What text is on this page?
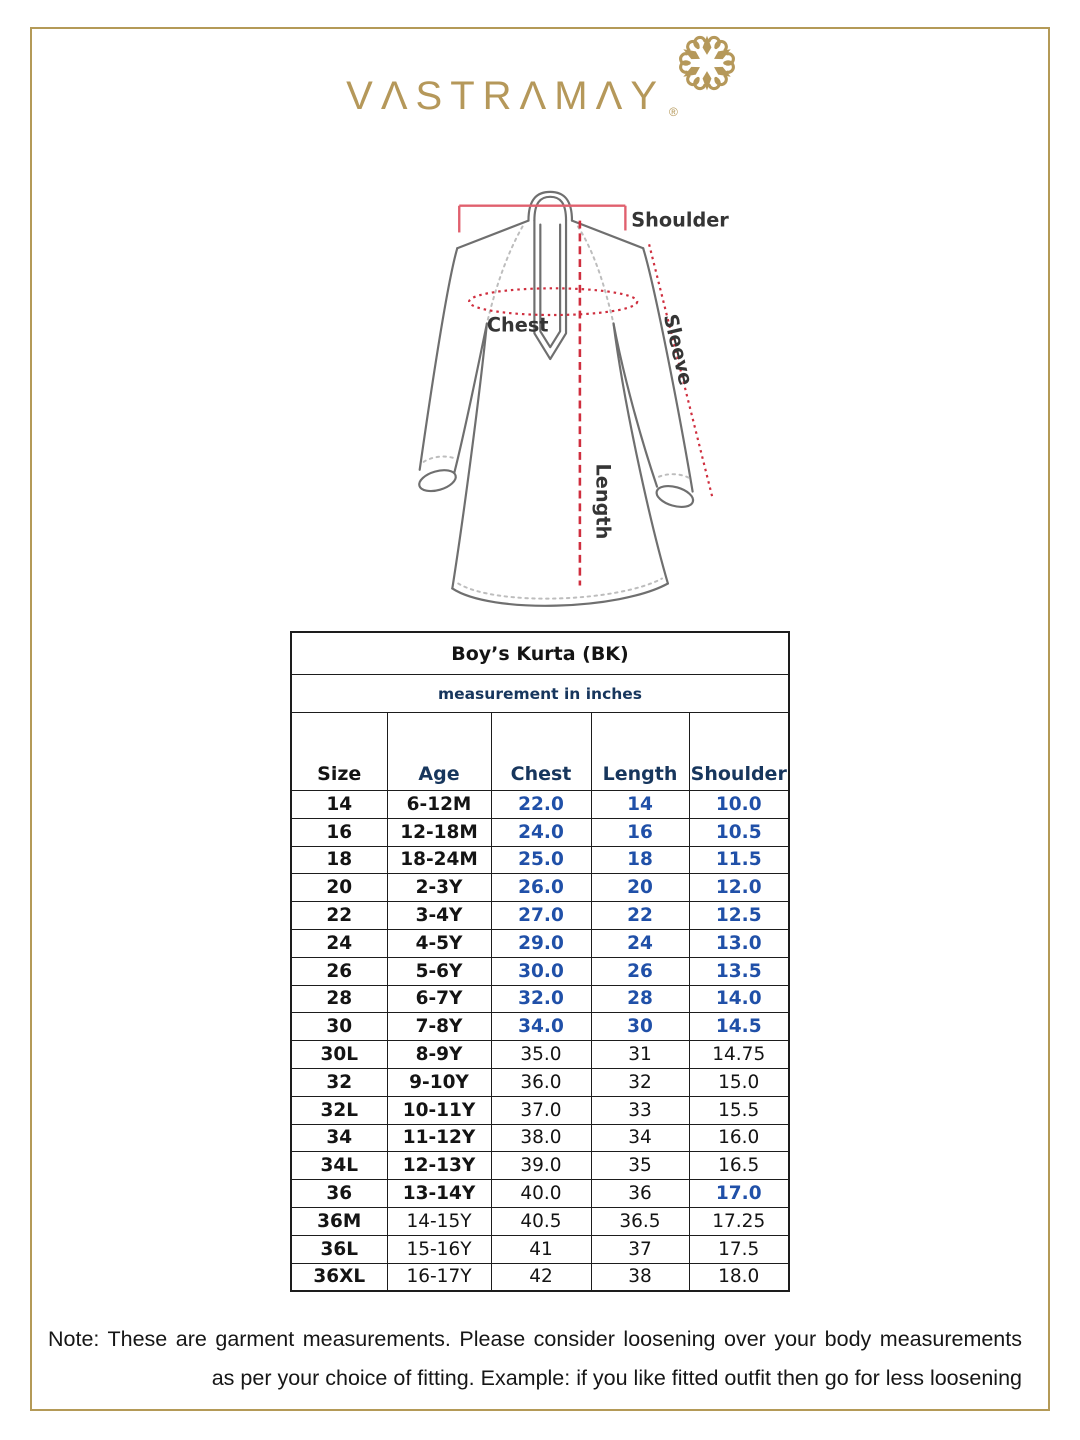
VΛSTRΛMΛY $_®$
Shoulder
Chest	Sleeve
Length
Boy’s Kurta (BK)				
measurement in inches				
Size	Age	Chest	Length	Shoulder
14	6-12M	22.0	14	10.0
16	12-18M	24.0	16	10.5
18	18-24M	25.0	18	11.5
20	2-3Y	26.0	20	12.0
22	3-4Y	27.0	22	12.5
24	4-5Y	29.0	24	13.0
26	5-6Y	30.0	26	13.5
28	6-7Y	32.0	28	14.0
30	7-8Y	34.0	30	14.5
30L	8-9Y	35.0	31	14.75
32	9-10Y	36.0	32	15.0
32L	10-11Y	37.0	33	15.5
34	11-12Y	38.0	34	16.0
34L	12-13Y	39.0	35	16.5
36	13-14Y	40.0	36	17.0
36M	14-15Y	40.5	36.5	17.25
36L	15-16Y	41	37	17.5
36XL	16-17Y	42	38	18.0
Note: These are garment measurements. Please consider loosening over your body measurements
as per your choice of fitting. Example: if you like fitted outfit then go for less loosening
